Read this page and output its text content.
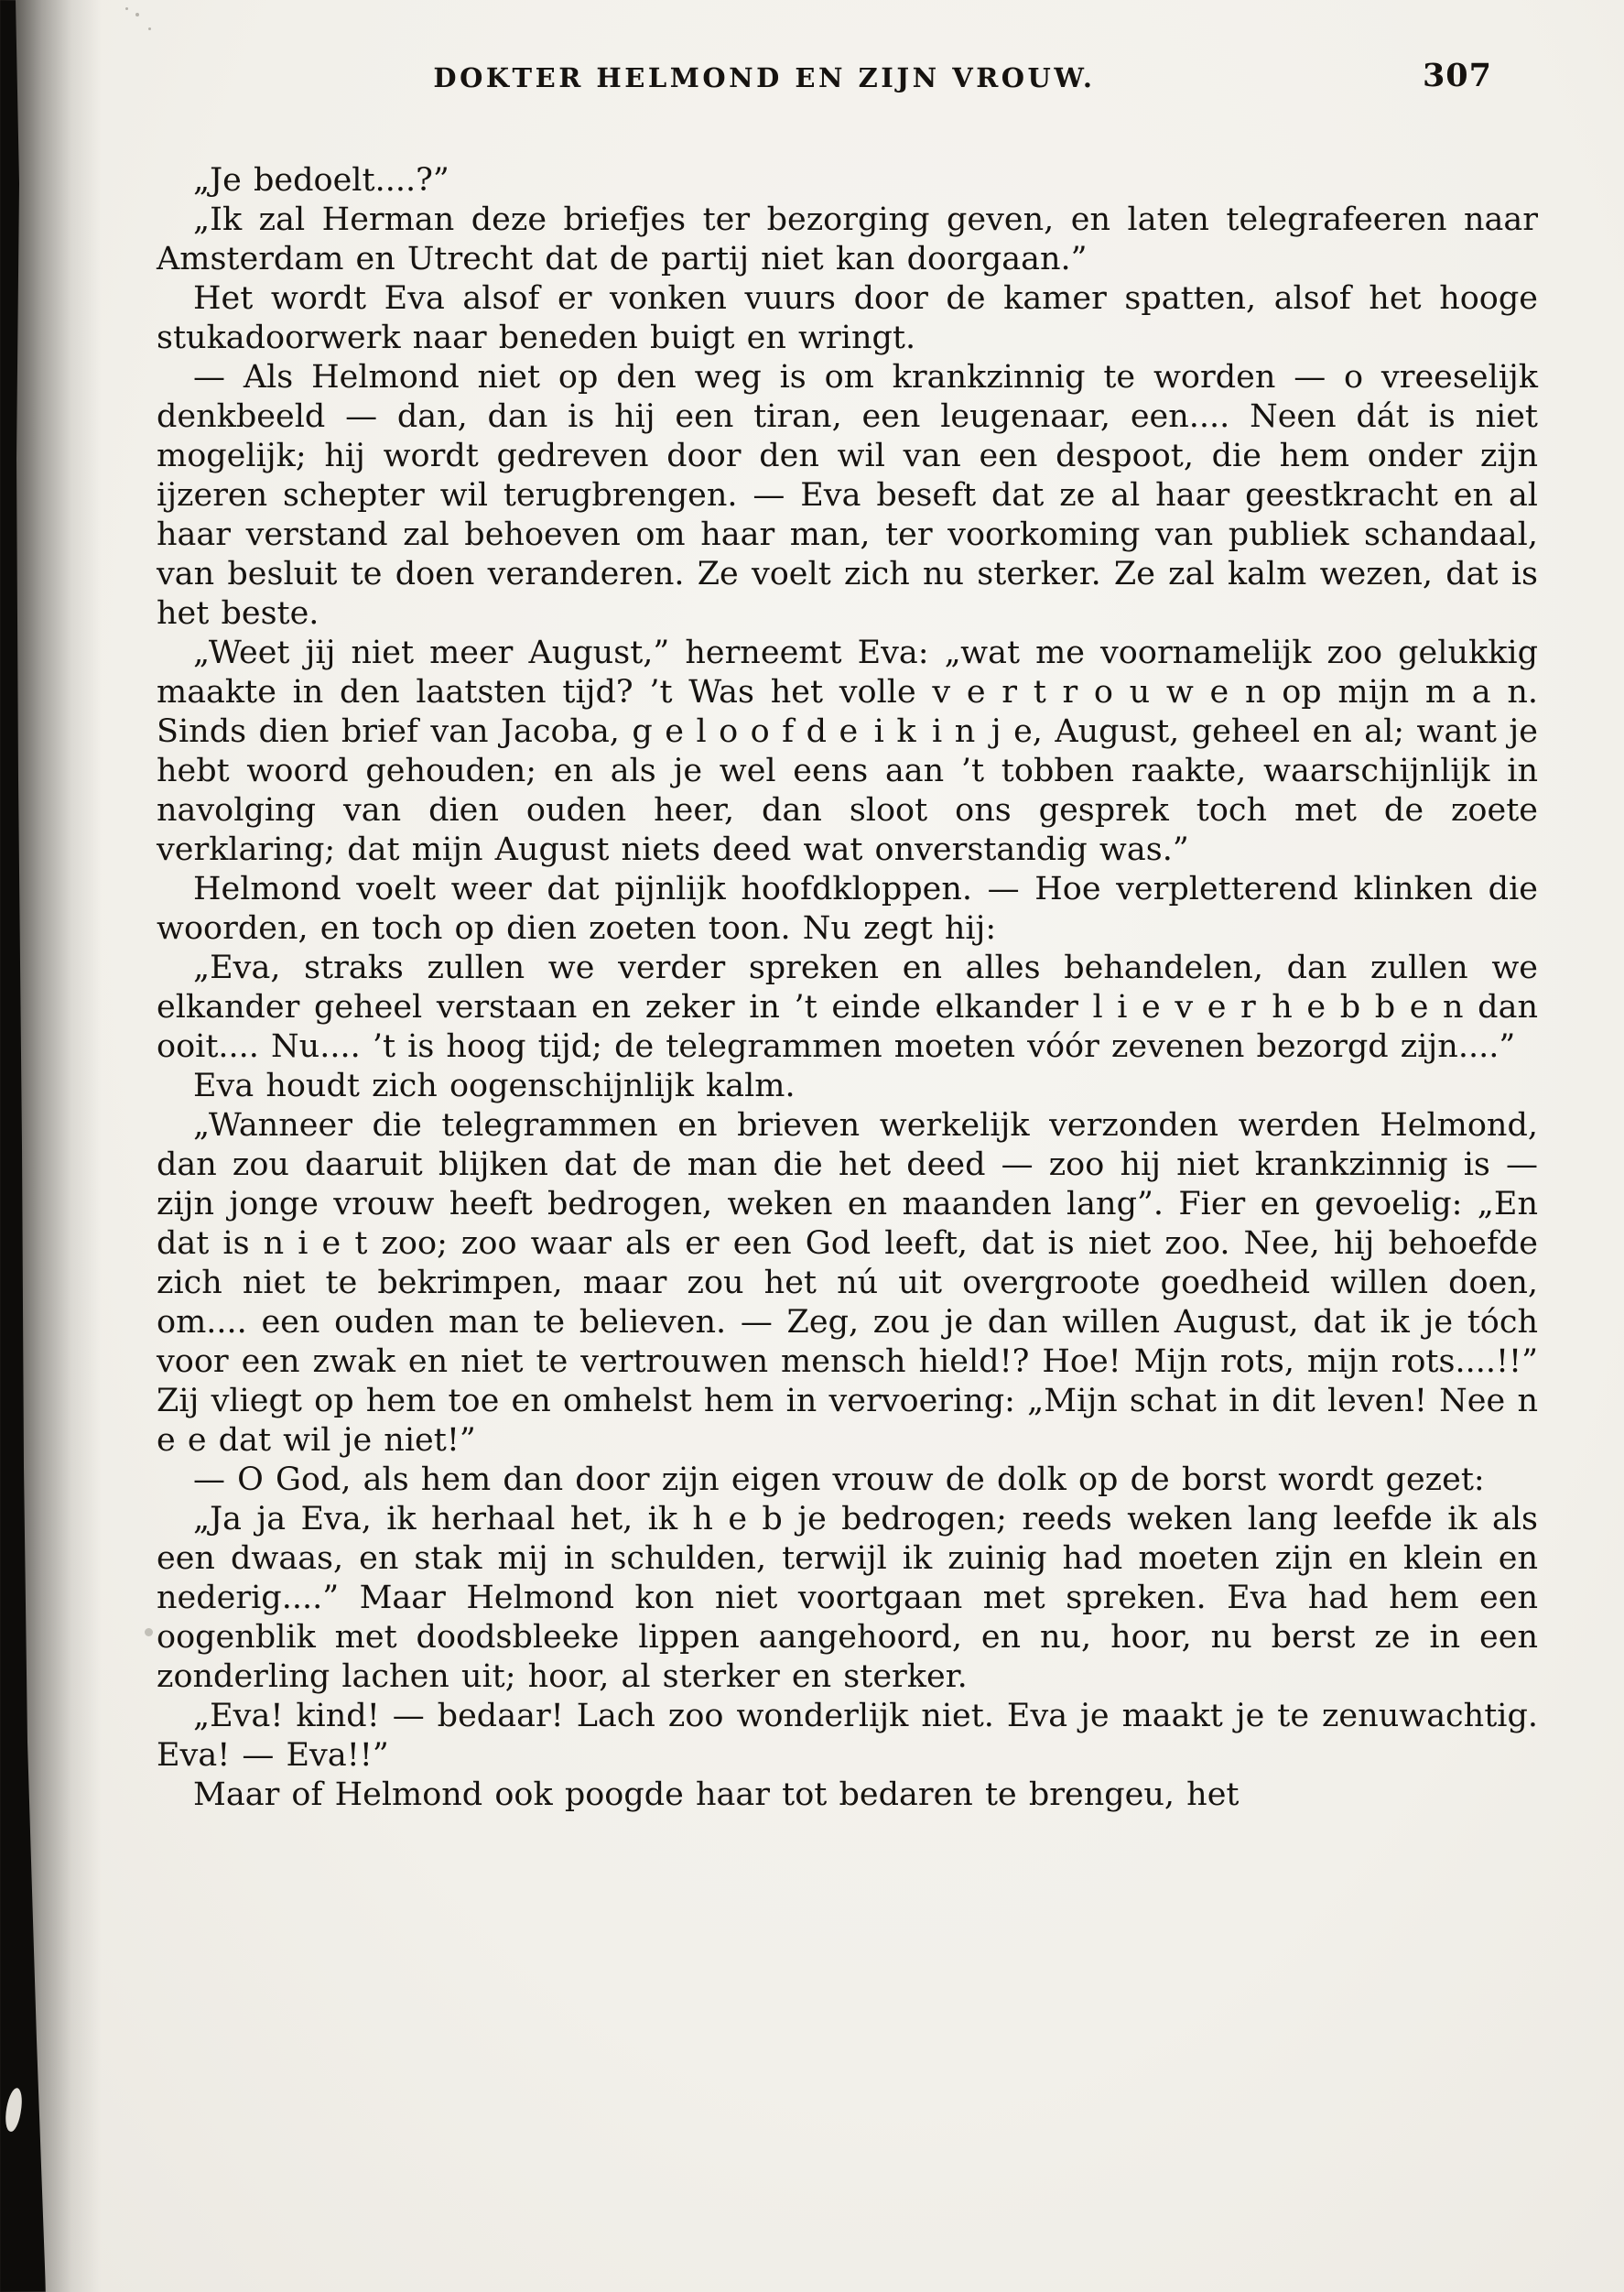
DOKTER HELMOND EN ZIJN VROUW.	307

„Je bedoelt....?”

„Ik zal Herman deze briefjes ter bezorging geven, en laten telegrafeeren naar Amsterdam en Utrecht dat de partij niet kan doorgaan.”

Het wordt Eva alsof er vonken vuurs door de kamer spatten, alsof het hooge stukadoorwerk naar beneden buigt en wringt.

— Als Helmond niet op den weg is om krankzinnig te worden — o vreeselijk denkbeeld — dan, dan is hij een tiran, een leugenaar, een.... Neen dát is niet mogelijk; hij wordt gedreven door den wil van een despoot, die hem onder zijn ijzeren schepter wil terugbrengen. — Eva beseft dat ze al haar geestkracht en al haar verstand zal behoeven om haar man, ter voorkoming van publiek schandaal, van besluit te doen veranderen. Ze voelt zich nu sterker. Ze zal kalm wezen, dat is het beste.

„Weet jij niet meer August,” herneemt Eva: „wat me voornamelijk zoo gelukkig maakte in den laatsten tijd? ’t Was het volle v e r t r o u w e n op mijn m a n. Sinds dien brief van Jacoba, g e l o o f d e i k i n j e, August, geheel en al; want je hebt woord gehouden; en als je wel eens aan ’t tobben raakte, waarschijnlijk in navolging van dien ouden heer, dan sloot ons gesprek toch met de zoete verklaring; dat mijn August niets deed wat onverstandig was.”

Helmond voelt weer dat pijnlijk hoofdkloppen. — Hoe verpletterend klinken die woorden, en toch op dien zoeten toon. Nu zegt hij:

„Eva, straks zullen we verder spreken en alles behandelen, dan zullen we elkander geheel verstaan en zeker in ’t einde elkander l i e v e r h e b b e n dan ooit.... Nu.... ’t is hoog tijd; de telegrammen moeten vóór zevenen bezorgd zijn....”

Eva houdt zich oogenschijnlijk kalm.

„Wanneer die telegrammen en brieven werkelijk verzonden werden Helmond, dan zou daaruit blijken dat de man die het deed — zoo hij niet krankzinnig is — zijn jonge vrouw heeft bedrogen, weken en maanden lang”. Fier en gevoelig: „En dat is n i e t zoo; zoo waar als er een God leeft, dat is niet zoo. Nee, hij behoefde zich niet te bekrimpen, maar zou het nú uit overgroote goedheid willen doen, om.... een ouden man te believen. — Zeg, zou je dan willen August, dat ik je tóch voor een zwak en niet te vertrouwen mensch hield!? Hoe! Mijn rots, mijn rots....!!” Zij vliegt op hem toe en omhelst hem in vervoering: „Mijn schat in dit leven! Nee n e e dat wil je niet!”

— O God, als hem dan door zijn eigen vrouw de dolk op de borst wordt gezet:

„Ja ja Eva, ik herhaal het, ik h e b je bedrogen; reeds weken lang leefde ik als een dwaas, en stak mij in schulden, terwijl ik zuinig had moeten zijn en klein en nederig....” Maar Helmond kon niet voortgaan met spreken. Eva had hem een oogenblik met doodsbleeke lippen aangehoord, en nu, hoor, nu berst ze in een zonderling lachen uit; hoor, al sterker en sterker.

„Eva! kind! — bedaar! Lach zoo wonderlijk niet. Eva je maakt je te zenuwachtig. Eva! — Eva!!”

Maar of Helmond ook poogde haar tot bedaren te brengeu, het
